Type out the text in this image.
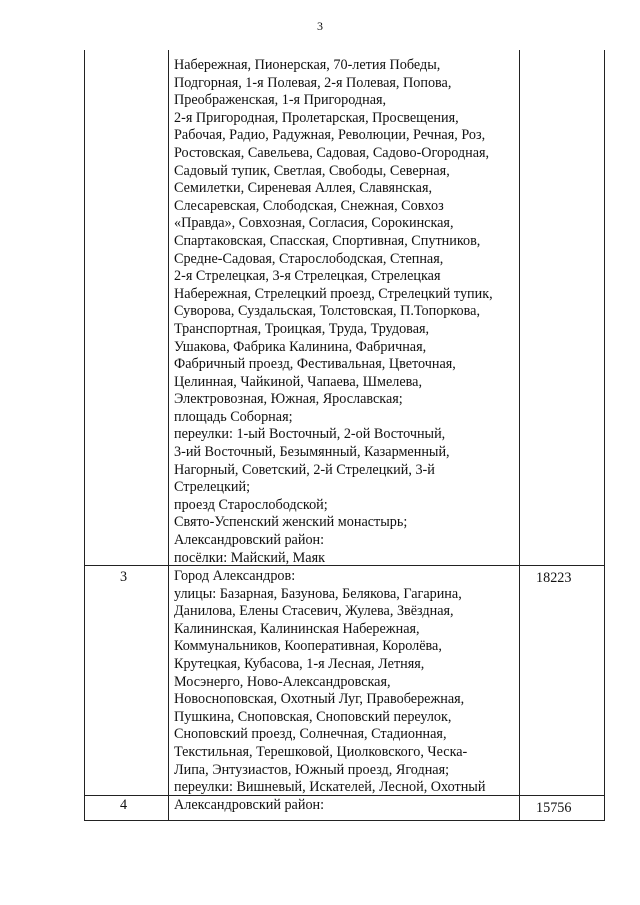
3
Набережная, Пионерская, 70-летия Победы,
Подгорная, 1-я Полевая, 2-я Полевая, Попова,
Преображенская, 1-я Пригородная,
2-я Пригородная, Пролетарская, Просвещения,
Рабочая, Радио, Радужная, Революции, Речная, Роз,
Ростовская, Савельева, Садовая, Садово-Огородная,
Садовый тупик, Светлая, Свободы, Северная,
Семилетки, Сиреневая Аллея, Славянская,
Слесаревская, Слободская, Снежная, Совхоз
«Правда», Совхозная, Согласия, Сорокинская,
Спартаковская, Спасская, Спортивная, Спутников,
Средне-Садовая, Старослободская, Степная,
2-я Стрелецкая, 3-я Стрелецкая, Стрелецкая
Набережная, Стрелецкий проезд, Стрелецкий тупик,
Суворова, Суздальская, Толстовская, П.Топоркова,
Транспортная, Троицкая, Труда, Трудовая,
Ушакова, Фабрика Калинина, Фабричная,
Фабричный проезд, Фестивальная, Цветочная,
Целинная, Чайкиной, Чапаева, Шмелева,
Электровозная, Южная, Ярославская;
площадь Соборная;
переулки: 1-ый Восточный, 2-ой Восточный,
3-ий Восточный, Безымянный, Казарменный,
Нагорный, Советский, 2-й Стрелецкий, 3-й
Стрелецкий;
проезд Старослободской;
Свято-Успенский женский монастырь;
Александровский район:
посёлки: Майский, Маяк
3	18223
Город Александров:
улицы: Базарная, Базунова, Белякова, Гагарина,
Данилова, Елены Стасевич, Жулева, Звёздная,
Калининская, Калининская Набережная,
Коммунальников, Кооперативная, Королёва,
Крутецкая, Кубасова, 1-я Лесная, Летняя,
Мосэнерго, Ново-Александровская,
Новосноповская, Охотный Луг, Правобережная,
Пушкина, Сноповская, Сноповский переулок,
Сноповский проезд, Солнечная, Стадионная,
Текстильная, Терешковой, Циолковского, Ческа-
Липа, Энтузиастов, Южный проезд, Ягодная;
переулки: Вишневый, Искателей, Лесной, Охотный
4	15756
Александровский район:
